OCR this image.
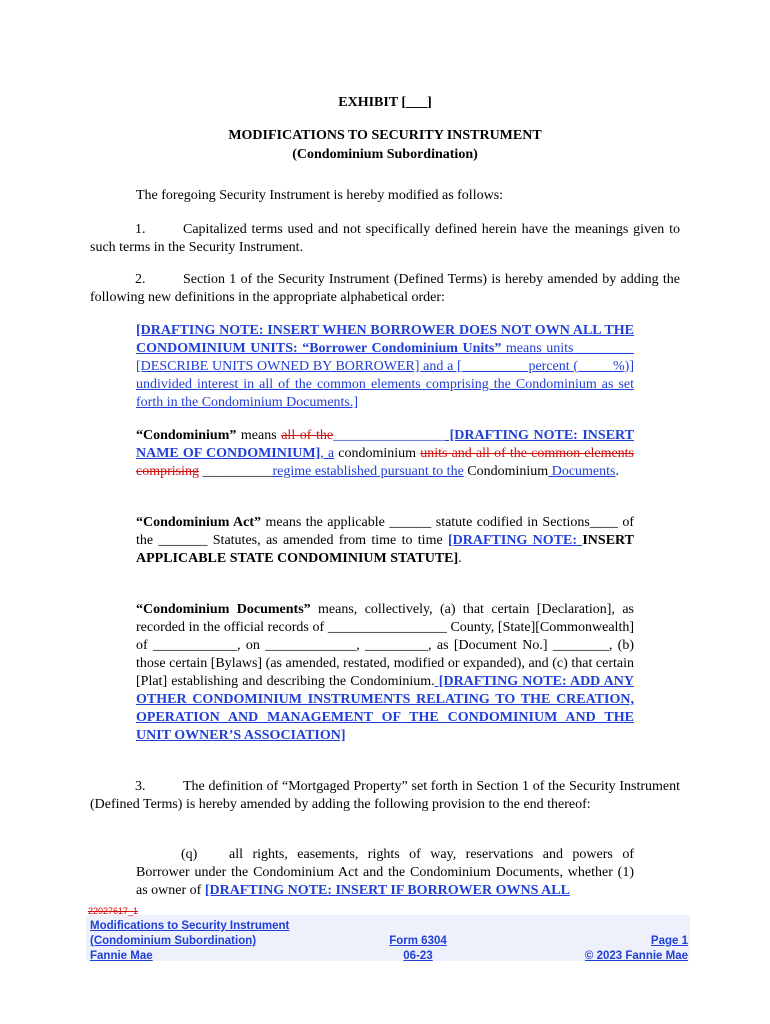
EXHIBIT [___]
MODIFICATIONS TO SECURITY INSTRUMENT
(Condominium Subordination)
The foregoing Security Instrument is hereby modified as follows:
1.	Capitalized terms used and not specifically defined herein have the meanings given to such terms in the Security Instrument.
2.	Section 1 of the Security Instrument (Defined Terms) is hereby amended by adding the following new definitions in the appropriate alphabetical order:
[DRAFTING NOTE: INSERT WHEN BORROWER DOES NOT OWN ALL THE CONDOMINIUM UNITS: “Borrower Condominium Units” means units ________ [DESCRIBE UNITS OWNED BY BORROWER] and a [_________ percent (_____%)] undivided interest in all of the common elements comprising the Condominium as set forth in the Condominium Documents.]
“Condominium” means all of the________________ [DRAFTING NOTE: INSERT NAME OF CONDOMINIUM], a condominium units and all of the common elements comprising __________regime established pursuant to the Condominium Documents.
“Condominium Act” means the applicable ______ statute codified in Sections____ of the _______ Statutes, as amended from time to time [DRAFTING NOTE: INSERT APPLICABLE STATE CONDOMINIUM STATUTE].
“Condominium Documents” means, collectively, (a) that certain [Declaration], as recorded in the official records of _________________ County, [State][Commonwealth] of ____________, on _____________, _________, as [Document No.] ________, (b) those certain [Bylaws] (as amended, restated, modified or expanded), and (c) that certain [Plat] establishing and describing the Condominium. [DRAFTING NOTE: ADD ANY OTHER CONDOMINIUM INSTRUMENTS RELATING TO THE CREATION, OPERATION AND MANAGEMENT OF THE CONDOMINIUM AND THE UNIT OWNER’S ASSOCIATION]
3.	The definition of “Mortgaged Property” set forth in Section 1 of the Security Instrument (Defined Terms) is hereby amended by adding the following provision to the end thereof:
(q) all rights, easements, rights of way, reservations and powers of Borrower under the Condominium Act and the Condominium Documents, whether (1) as owner of [DRAFTING NOTE: INSERT IF BORROWER OWNS ALL
22027617_1
Modifications to Security Instrument
(Condominium Subordination)
Fannie Mae
Form 6304
06-23
Page 1
© 2023 Fannie Mae
